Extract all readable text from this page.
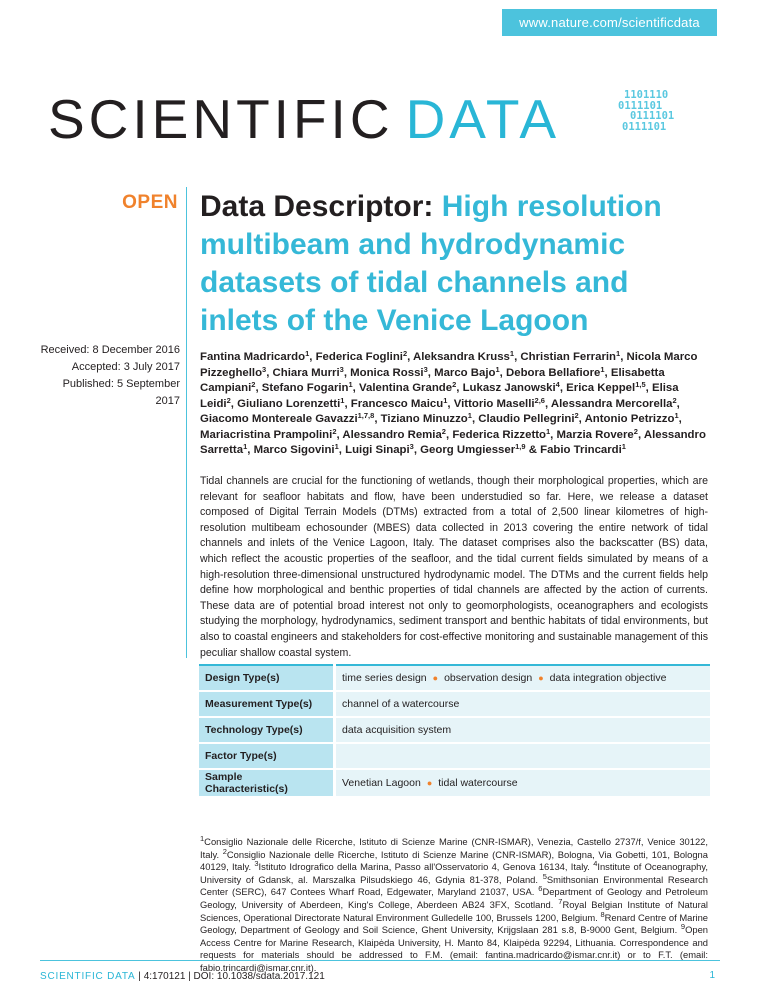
www.nature.com/scientificdata
SCIENTIFIC DATA	1101110
0111101
0111101
0111101
OPEN Data Descriptor: High resolution multibeam and hydrodynamic datasets of tidal channels and inlets of the Venice Lagoon
Received: 8 December 2016
Accepted: 3 July 2017
Published: 5 September 2017
Fantina Madricardo$^1$, Federica Foglini$^2$, Aleksandra Kruss$^1$, Christian Ferrarin$^1$, Nicola Marco Pizzeghello$^3$, Chiara Murri$^3$, Monica Rossi$^3$, Marco Bajo$^1$, Debora Bellafiore$^1$, Elisabetta Campiani$^2$, Stefano Fogarin$^1$, Valentina Grande$^2$, Lukasz Janowski$^4$, Erica Keppel$^{1,5}$, Elisa Leidi$^2$, Giuliano Lorenzetti$^1$, Francesco Maicu$^1$, Vittorio Maselli$^{2,6}$, Alessandra Mercorella$^2$, Giacomo Montereale Gavazzi$^{1,7,8}$, Tiziano Minuzzo$^1$, Claudio Pellegrini$^2$, Antonio Petrizzo$^1$, Mariacristina Prampolini$^2$, Alessandro Remia$^2$, Federica Rizzetto$^1$, Marzia Rovere$^2$, Alessandro Sarretta$^1$, Marco Sigovini$^1$, Luigi Sinapi$^3$, Georg Umgiesser$^{1,9}$ & Fabio Trincardi$^1$
Tidal channels are crucial for the functioning of wetlands, though their morphological properties, which are relevant for seafloor habitats and flow, have been understudied so far. Here, we release a dataset composed of Digital Terrain Models (DTMs) extracted from a total of 2,500 linear kilometres of high-resolution multibeam echosounder (MBES) data collected in 2013 covering the entire network of tidal channels and inlets of the Venice Lagoon, Italy. The dataset comprises also the backscatter (BS) data, which reflect the acoustic properties of the seafloor, and the tidal current fields simulated by means of a high-resolution three-dimensional unstructured hydrodynamic model. The DTMs and the current fields help define how morphological and benthic properties of tidal channels are affected by the action of currents. These data are of potential broad interest not only to geomorphologists, oceanographers and ecologists studying the morphology, hydrodynamics, sediment transport and benthic habitats of tidal environments, but also to coastal engineers and stakeholders for cost-effective monitoring and sustainable management of this peculiar shallow coastal system.
Design Type(s)	time series design ● observation design ● data integration objective
Measurement Type(s)	channel of a watercourse
Technology Type(s)	data acquisition system
Factor Type(s)	
Sample Characteristic(s)	Venetian Lagoon ● tidal watercourse
$^1$Consiglio Nazionale delle Ricerche, Istituto di Scienze Marine (CNR-ISMAR), Venezia, Castello 2737/f, Venice 30122, Italy. $^2$Consiglio Nazionale delle Ricerche, Istituto di Scienze Marine (CNR-ISMAR), Bologna, Via Gobetti, 101, Bologna 40129, Italy. $^3$Istituto Idrografico della Marina, Passo all'Osservatorio 4, Genova 16134, Italy. $^4$Institute of Oceanography, University of Gdansk, al. Marszalka Pilsudskiego 46, Gdynia 81-378, Poland. $^5$Smithsonian Environmental Research Center (SERC), 647 Contees Wharf Road, Edgewater, Maryland 21037, USA. $^6$Department of Geology and Petroleum Geology, University of Aberdeen, King's College, Aberdeen AB24 3FX, Scotland. $^7$Royal Belgian Institute of Natural Sciences, Operational Directorate Natural Environment Gulledelle 100, Brussels 1200, Belgium. $^8$Renard Centre of Marine Geology, Department of Geology and Soil Science, Ghent University, Krijgslaan 281 s.8, B-9000 Gent, Belgium. $^9$Open Access Centre for Marine Research, Klaipėda University, H. Manto 84, Klaipėda 92294, Lithuania. Correspondence and requests for materials should be addressed to F.M. (email: fantina.madricardo@ismar.cnr.it) or to F.T. (email: fabio.trincardi@ismar.cnr.it).
SCIENTIFIC DATA | 4:170121 | DOI: 10.1038/sdata.2017.121	1
